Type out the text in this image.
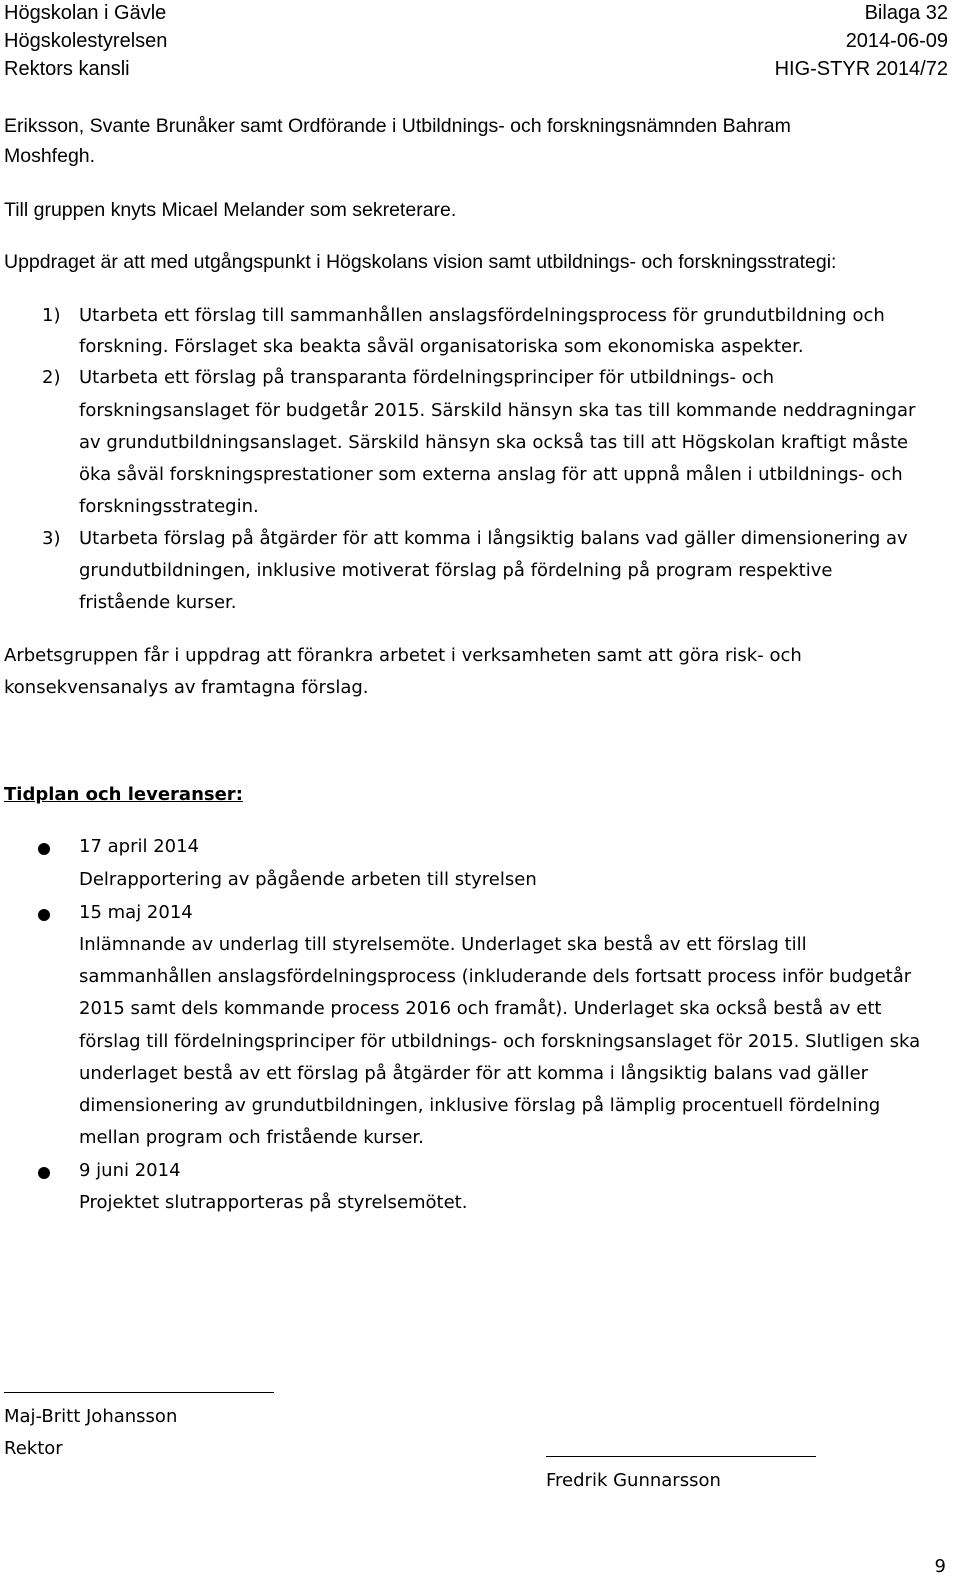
Högskolan i Gävle
Högskolestyrelsen
Rektors kansli
Bilaga 32
2014-06-09
HIG-STYR 2014/72
Eriksson, Svante Brunåker samt Ordförande i Utbildnings- och forskningsnämnden Bahram
Moshfegh.
Till gruppen knyts Micael Melander som sekreterare.
Uppdraget är att med utgångspunkt i Högskolans vision samt utbildnings- och forskningsstrategi:
1) Utarbeta ett förslag till sammanhållen anslagsfördelningsprocess för grundutbildning och
forskning. Förslaget ska beakta såväl organisatoriska som ekonomiska aspekter.
2) Utarbeta ett förslag på transparanta fördelningsprinciper för utbildnings- och
forskningsanslaget för budgetår 2015. Särskild hänsyn ska tas till kommande neddragningar
av grundutbildningsanslaget. Särskild hänsyn ska också tas till att Högskolan kraftigt måste
öka såväl forskningsprestationer som externa anslag för att uppnå målen i utbildnings- och
forskningsstrategin.
3) Utarbeta förslag på åtgärder för att komma i långsiktig balans vad gäller dimensionering av
grundutbildningen, inklusive motiverat förslag på fördelning på program respektive
fristående kurser.
Arbetsgruppen får i uppdrag att förankra arbetet i verksamheten samt att göra risk- och
konsekvensanalys av framtagna förslag.
Tidplan och leveranser:
17 april 2014
Delrapportering av pågående arbeten till styrelsen
15 maj 2014
Inlämnande av underlag till styrelsemöte. Underlaget ska bestå av ett förslag till
sammanhållen anslagsfördelningsprocess (inkluderande dels fortsatt process inför budgetår
2015 samt dels kommande process 2016 och framåt). Underlaget ska också bestå av ett
förslag till fördelningsprinciper för utbildnings- och forskningsanslaget för 2015. Slutligen ska
underlaget bestå av ett förslag på åtgärder för att komma i långsiktig balans vad gäller
dimensionering av grundutbildningen, inklusive förslag på lämplig procentuell fördelning
mellan program och fristående kurser.
9 juni 2014
Projektet slutrapporteras på styrelsemötet.
Maj-Britt Johansson
Rektor
Fredrik Gunnarsson
9
